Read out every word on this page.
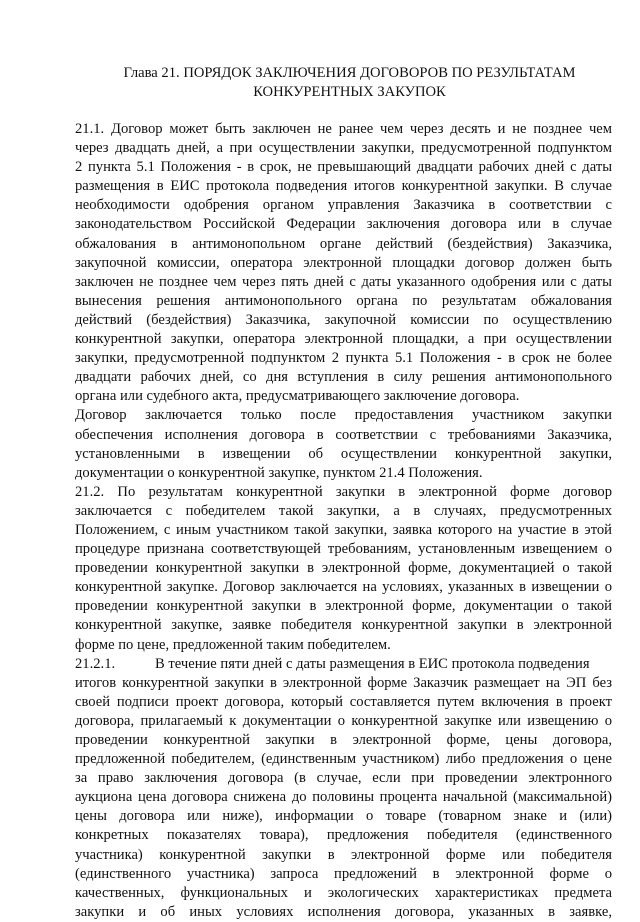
Глава 21. ПОРЯДОК ЗАКЛЮЧЕНИЯ ДОГОВОРОВ ПО РЕЗУЛЬТАТАМ
КОНКУРЕНТНЫХ ЗАКУПОК

21.1. Договор может быть заключен не ранее чем через десять и не позднее чем

через двадцать дней, а при осуществлении закупки, предусмотренной подпунктом

2 пункта 5.1 Положения - в срок, не превышающий двадцати рабочих дней с даты

размещения в ЕИС протокола подведения итогов конкурентной закупки. В случае

необходимости одобрения органом управления Заказчика в соответствии с

законодательством Российской Федерации заключения договора или в случае

обжалования в антимонопольном органе действий (бездействия) Заказчика,

закупочной комиссии, оператора электронной площадки договор должен быть

заключен не позднее чем через пять дней с даты указанного одобрения или с даты

вынесения решения антимонопольного органа по результатам обжалования

действий (бездействия) Заказчика, закупочной комиссии по осуществлению

конкурентной закупки, оператора электронной площадки, а при осуществлении

закупки, предусмотренной подпунктом 2 пункта 5.1 Положения - в срок не более

двадцати рабочих дней, со дня вступления в силу решения антимонопольного

органа или судебного акта, предусматривающего заключение договора.

Договор заключается только после предоставления участником закупки

обеспечения исполнения договора в соответствии с требованиями Заказчика,

установленными в извещении об осуществлении конкурентной закупки,

документации о конкурентной закупке, пунктом 21.4 Положения.

21.2. По результатам конкурентной закупки в электронной форме договор

заключается с победителем такой закупки, а в случаях, предусмотренных

Положением, с иным участником такой закупки, заявка которого на участие в этой

процедуре признана соответствующей требованиям, установленным извещением о

проведении конкурентной закупки в электронной форме, документацией о такой

конкурентной закупке. Договор заключается на условиях, указанных в извещении о

проведении конкурентной закупки в электронной форме, документации о такой

конкурентной закупке, заявке победителя конкурентной закупки в электронной

форме по цене, предложенной таким победителем.

21.2.1.	В течение пяти дней с даты размещения в ЕИС протокола подведения

итогов конкурентной закупки в электронной форме Заказчик размещает на ЭП без

своей подписи проект договора, который составляется путем включения в проект

договора, прилагаемый к документации о конкурентной закупке или извещению о

проведении конкурентной закупки в электронной форме, цены договора,

предложенной победителем, (единственным участником) либо предложения о цене

за право заключения договора (в случае, если при проведении электронного

аукциона цена договора снижена до половины процента начальной (максимальной)

цены договора или ниже), информации о товаре (товарном знаке и (или)

конкретных показателях товара), предложения победителя (единственного

участника) конкурентной закупки в электронной форме или победителя

(единственного участника) запроса предложений в электронной форме о

качественных, функциональных и экологических характеристиках предмета

закупки и об иных условиях исполнения договора, указанных в заявке,
